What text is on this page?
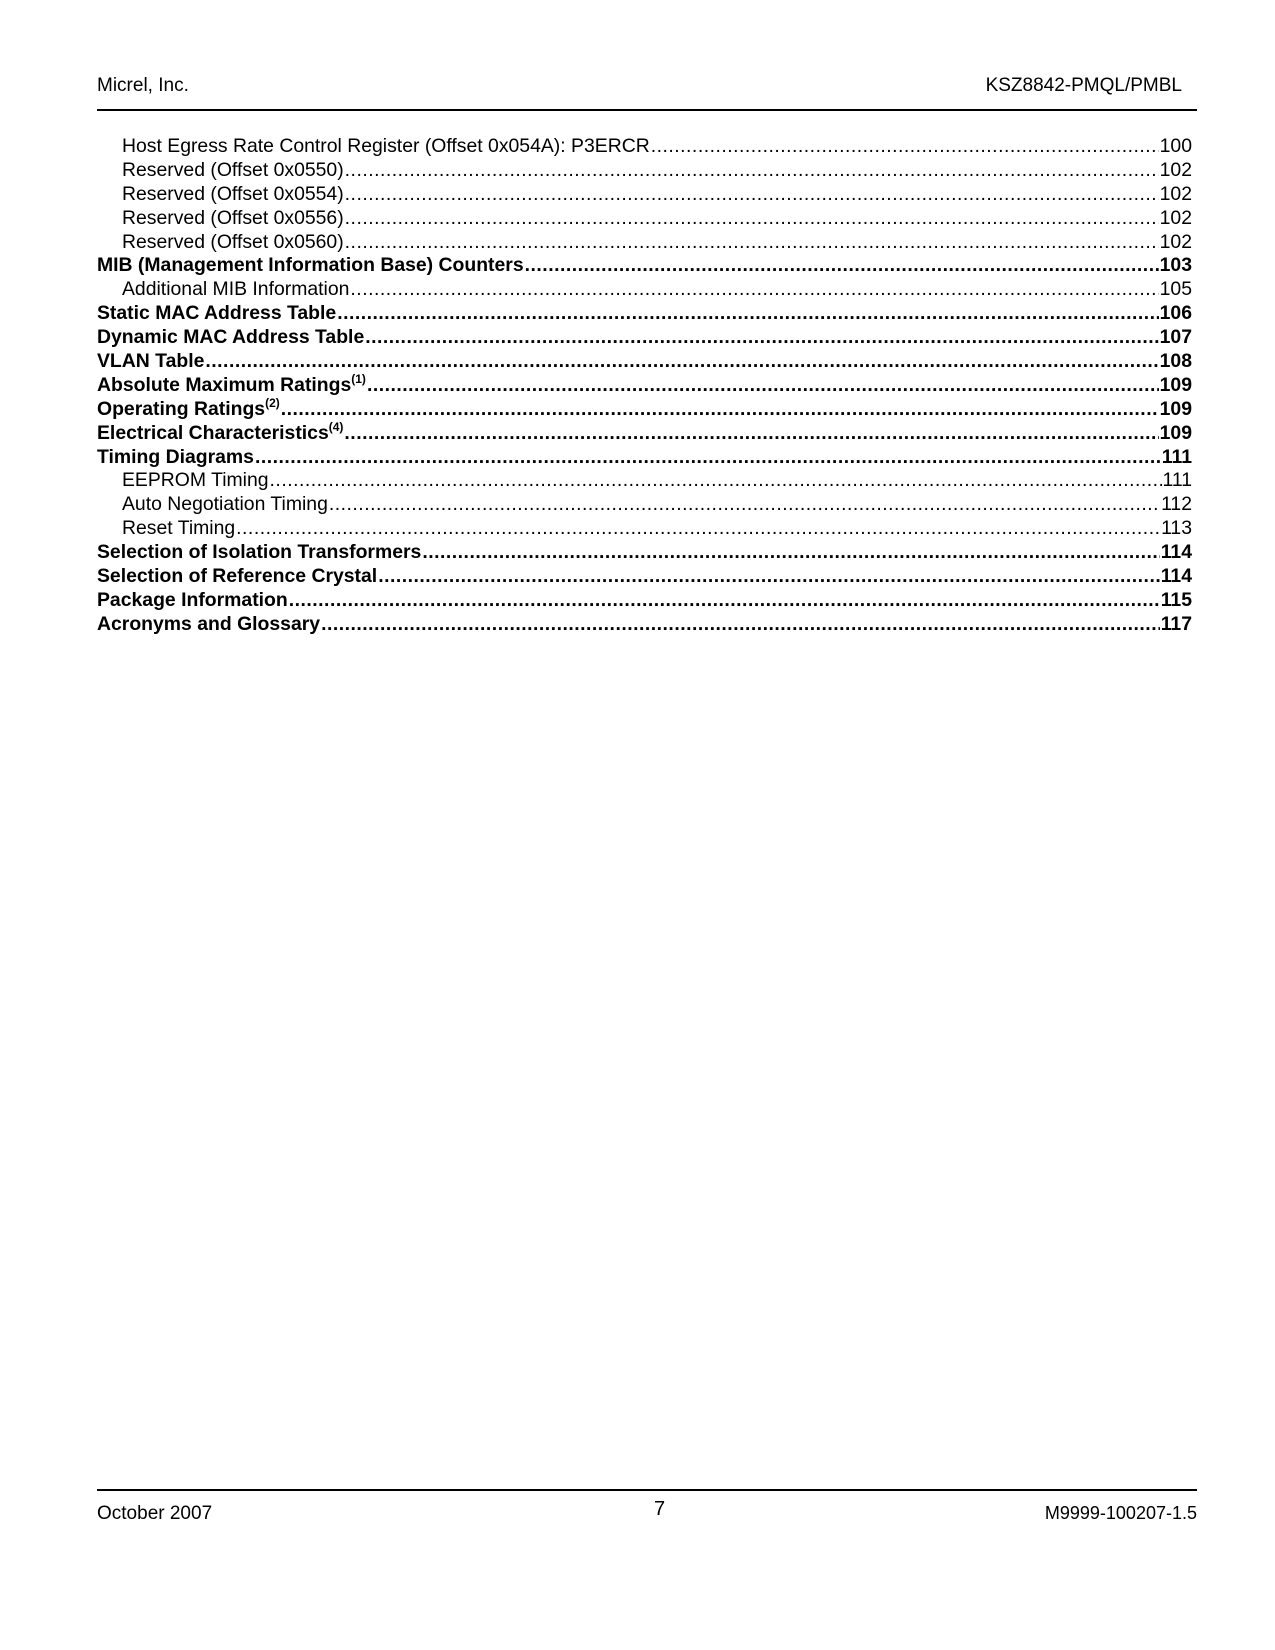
Micrel, Inc.	KSZ8842-PMQL/PMBL
Host Egress Rate Control Register (Offset 0x054A): P3ERCR .....	100
Reserved (Offset 0x0550) .....	102
Reserved (Offset 0x0554) .....	102
Reserved (Offset 0x0556) .....	102
Reserved (Offset 0x0560) .....	102
MIB (Management Information Base) Counters .....	103
Additional MIB Information .....	105
Static MAC Address Table .....	106
Dynamic MAC Address Table .....	107
VLAN Table .....	108
Absolute Maximum Ratings$^{(1)}$ .....	109
Operating Ratings$^{(2)}$ .....	109
Electrical Characteristics$^{(4)}$ .....	109
Timing Diagrams .....	111
EEPROM Timing .....	111
Auto Negotiation Timing .....	112
Reset Timing .....	113
Selection of Isolation Transformers .....	114
Selection of Reference Crystal .....	114
Package Information .....	115
Acronyms and Glossary .....	117
October 2007	7	M9999-100207-1.5
